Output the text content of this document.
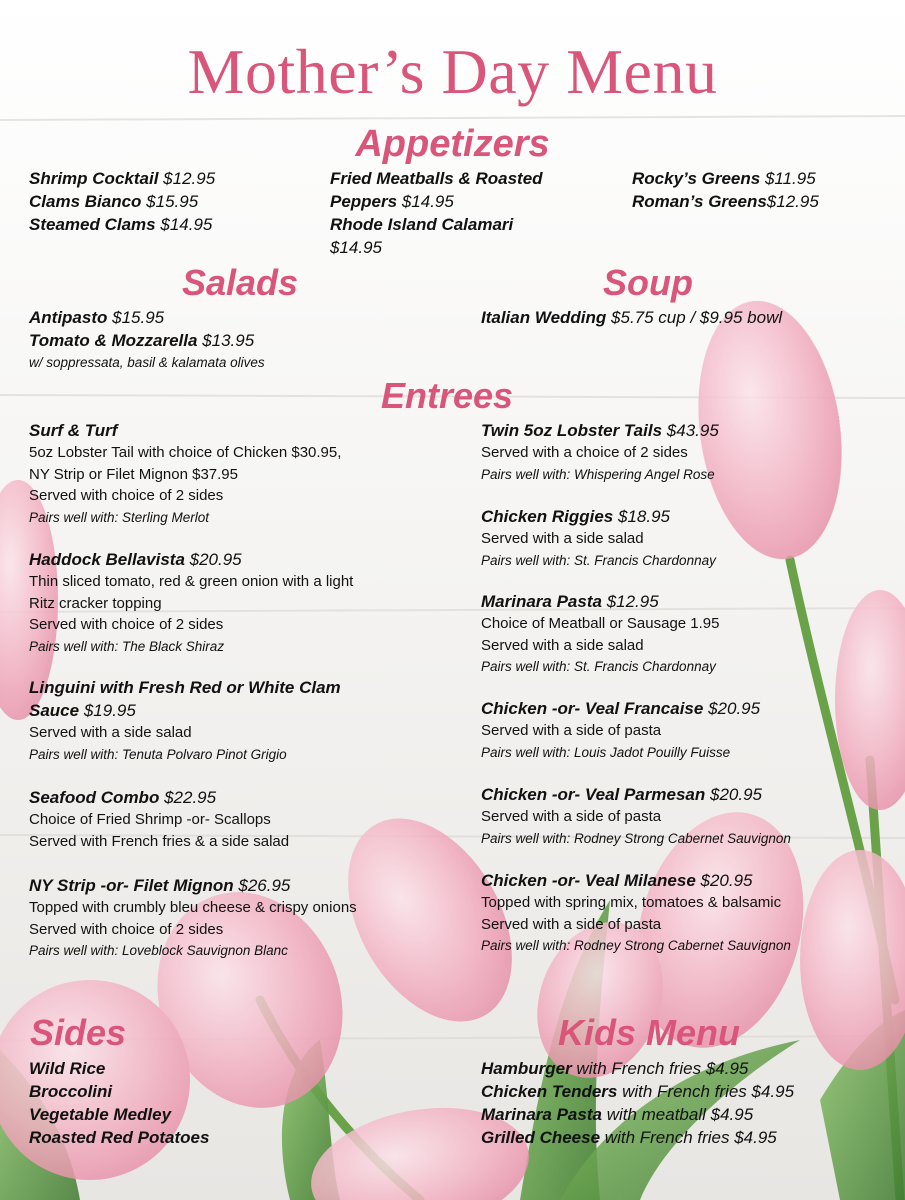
Mother’s Day Menu
Appetizers
Shrimp Cocktail $12.95
Clams Bianco $15.95
Steamed Clams $14.95
Fried Meatballs & Roasted
Peppers $14.95
Rhode Island Calamari
$14.95
Rocky’s Greens $11.95
Roman’s Greens$12.95
Salads
Antipasto $15.95
Tomato & Mozzarella $13.95
w/ soppressata, basil & kalamata olives
Soup
Italian Wedding $5.75 cup / $9.95 bowl
Entrees
Surf & Turf
5oz Lobster Tail with choice of Chicken $30.95,
NY Strip or Filet Mignon $37.95
Served with choice of 2 sides
Pairs well with: Sterling Merlot
Haddock Bellavista $20.95
Thin sliced tomato, red & green onion with a light
Ritz cracker topping
Served with choice of 2 sides
Pairs well with: The Black Shiraz
Linguini with Fresh Red or White Clam
Sauce $19.95
Served with a side salad
Pairs well with: Tenuta Polvaro Pinot Grigio
Seafood Combo $22.95
Choice of Fried Shrimp -or- Scallops
Served with French fries & a side salad
NY Strip -or- Filet Mignon $26.95
Topped with crumbly bleu cheese & crispy onions
Served with choice of 2 sides
Pairs well with: Loveblock Sauvignon Blanc
Twin 5oz Lobster Tails $43.95
Served with a choice of 2 sides
Pairs well with: Whispering Angel Rose
Chicken Riggies $18.95
Served with a side salad
Pairs well with: St. Francis Chardonnay
Marinara Pasta $12.95
Choice of Meatball or Sausage 1.95
Served with a side salad
Pairs well with: St. Francis Chardonnay
Chicken -or- Veal Francaise $20.95
Served with a side of pasta
Pairs well with: Louis Jadot Pouilly Fuisse
Chicken -or- Veal Parmesan $20.95
Served with a side of pasta
Pairs well with: Rodney Strong Cabernet Sauvignon
Chicken -or- Veal Milanese $20.95
Topped with spring mix, tomatoes & balsamic
Served with a side of pasta
Pairs well with: Rodney Strong Cabernet Sauvignon
Sides
Wild Rice
Broccolini
Vegetable Medley
Roasted Red Potatoes
Kids Menu
Hamburger with French fries $4.95
Chicken Tenders with French fries $4.95
Marinara Pasta with meatball $4.95
Grilled Cheese with French fries $4.95
